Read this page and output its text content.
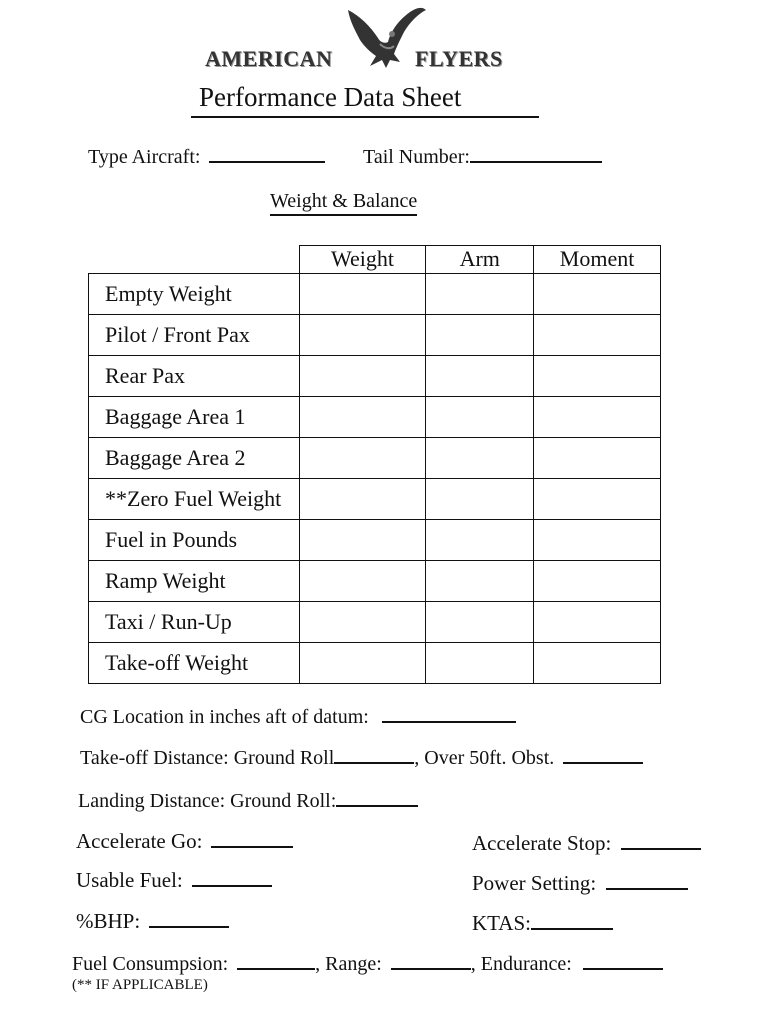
AMERICAN	FLYERS
Performance Data Sheet
Type Aircraft:	Tail Number:
Weight & Balance
	Weight	Arm	Moment
Empty Weight			
Pilot / Front Pax			
Rear Pax			
Baggage Area 1			
Baggage Area 2			
**Zero Fuel Weight			
Fuel in Pounds			
Ramp Weight			
Taxi / Run-Up			
Take-off Weight			
CG Location in inches aft of datum:
Take-off Distance: Ground Roll	, Over 50ft. Obst.
Landing Distance: Ground Roll:
Accelerate Go:	Accelerate Stop:
Usable Fuel:	Power Setting:
%BHP:	KTAS:
Fuel Consumpsion:	, Range:	, Endurance:
(** IF APPLICABLE)
